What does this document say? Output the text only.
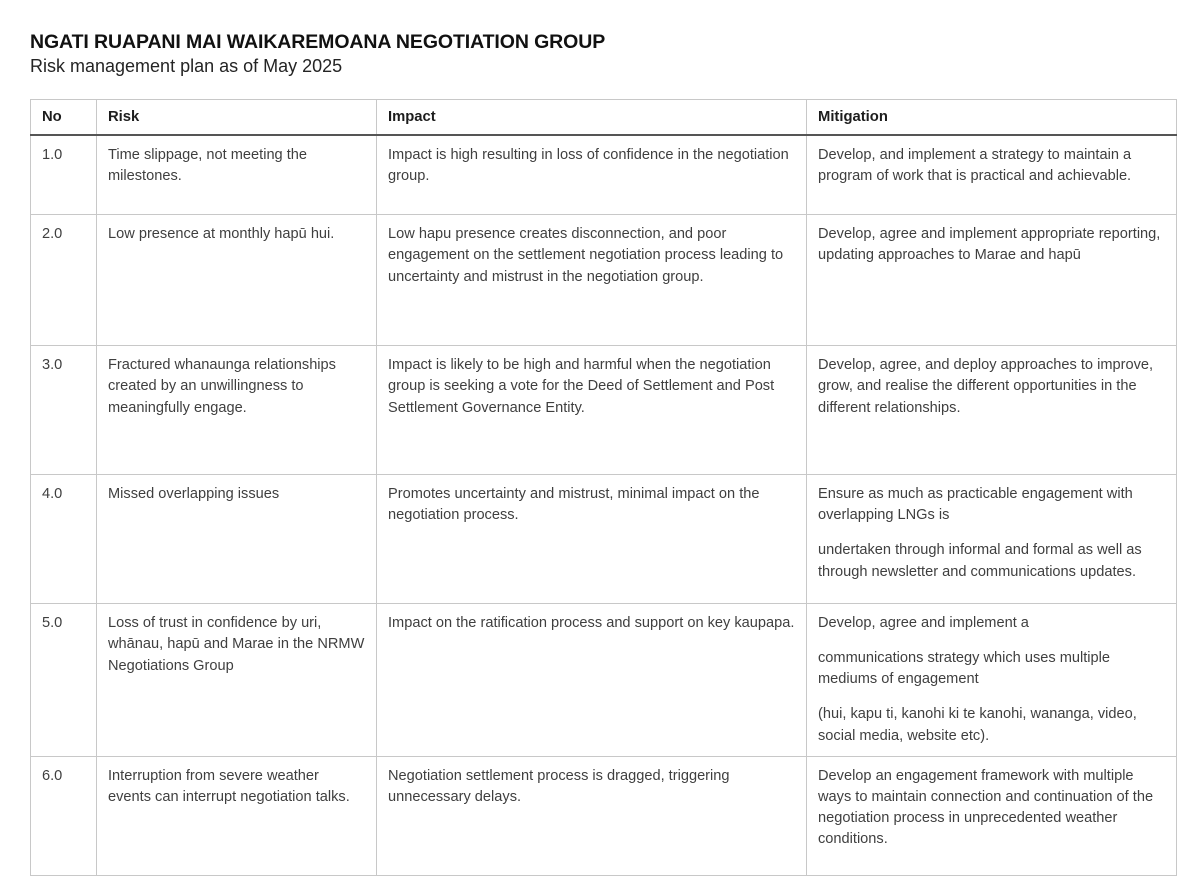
NGATI RUAPANI MAI WAIKAREMOANA NEGOTIATION GROUP
Risk management plan as of May 2025
No	Risk	Impact	Mitigation
1.0	Time slippage, not meeting the milestones.	Impact is high resulting in loss of confidence in the negotiation group.	Develop, and implement a strategy to maintain a program of work that is practical and achievable.

2.0	Low presence at monthly hapū hui.	Low hapu presence creates disconnection, and poor engagement on the settlement negotiation process leading to uncertainty and mistrust in the negotiation group.	Develop, agree and implement appropriate reporting, updating approaches to Marae and hapū

3.0	Fractured whanaunga relationships created by an unwillingness to meaningfully engage.	Impact is likely to be high and harmful when the negotiation group is seeking a vote for the Deed of Settlement and Post Settlement Governance Entity.	Develop, agree, and deploy approaches to improve, grow, and realise the different opportunities in the different relationships.

4.0	Missed overlapping issues	Promotes uncertainty and mistrust, minimal impact on the negotiation process.	Ensure as much as practicable engagement with overlapping LNGs is

undertaken through informal and formal as well as through newsletter and communications updates.

5.0	Loss of trust in confidence by uri, whānau, hapū and Marae in the NRMW Negotiations Group	Impact on the ratification process and support on key kaupapa.	Develop, agree and implement a

communications strategy which uses multiple mediums of engagement

(hui, kapu ti, kanohi ki te kanohi, wananga, video, social media, website etc).

6.0	Interruption from severe weather events can interrupt negotiation talks.	Negotiation settlement process is dragged, triggering unnecessary delays.	Develop an engagement framework with multiple ways to maintain connection and continuation of the negotiation process in unprecedented weather conditions.
